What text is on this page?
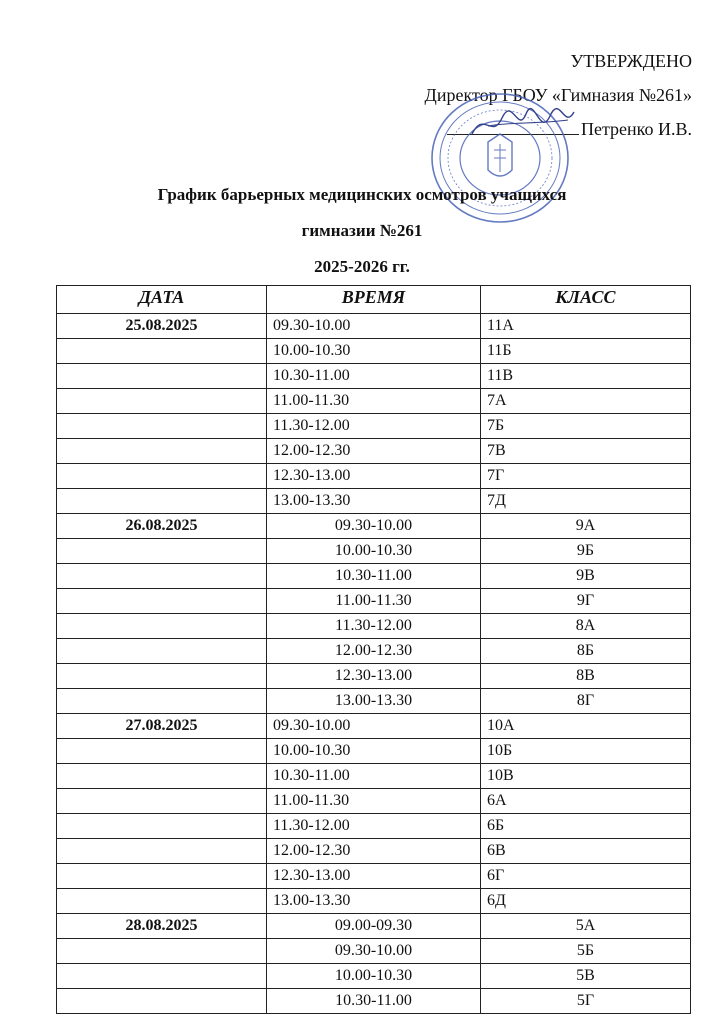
УТВЕРЖДЕНО
Директор ГБОУ «Гимназия №261»
Петренко И.В.
График барьерных медицинских осмотров учащихся
гимназии №261
2025-2026 гг.
ДАТА	ВРЕМЯ	КЛАСС
25.08.2025	09.30-10.00	11А
	10.00-10.30	11Б
	10.30-11.00	11В
	11.00-11.30	7А
	11.30-12.00	7Б
	12.00-12.30	7В
	12.30-13.00	7Г
	13.00-13.30	7Д
26.08.2025	09.30-10.00	9А
	10.00-10.30	9Б
	10.30-11.00	9В
	11.00-11.30	9Г
	11.30-12.00	8А
	12.00-12.30	8Б
	12.30-13.00	8В
	13.00-13.30	8Г
27.08.2025	09.30-10.00	10А
	10.00-10.30	10Б
	10.30-11.00	10В
	11.00-11.30	6А
	11.30-12.00	6Б
	12.00-12.30	6В
	12.30-13.00	6Г
	13.00-13.30	6Д
28.08.2025	09.00-09.30	5А
	09.30-10.00	5Б
	10.00-10.30	5В
	10.30-11.00	5Г
